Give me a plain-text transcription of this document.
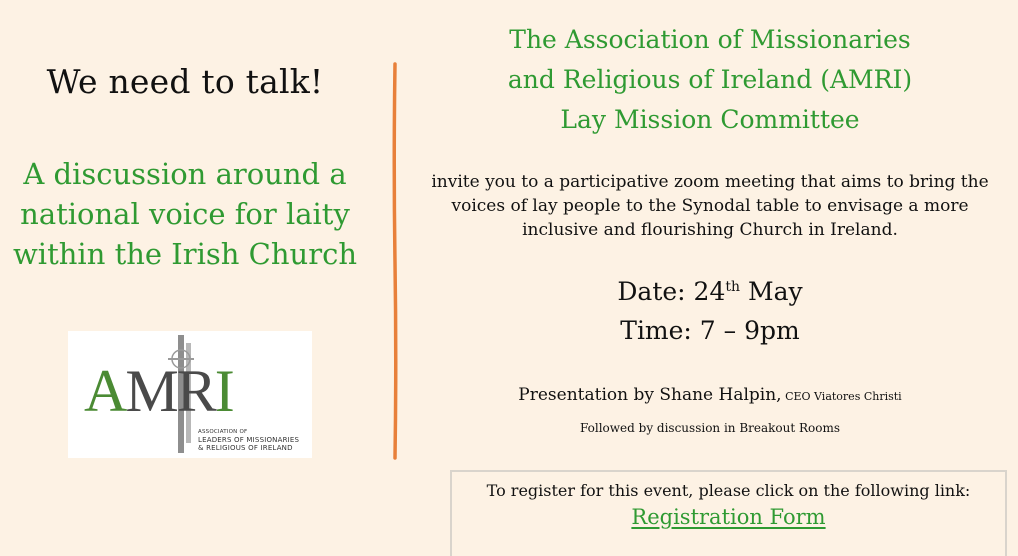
We need to talk!
A discussion around a
national voice for laity
within the Irish Church
AMRI
ASSOCIATION OF
LEADERS OF MISSIONARIES
& RELIGIOUS OF IRELAND
The Association of Missionaries
and Religious of Ireland (AMRI)
Lay Mission Committee
invite you to a participative zoom meeting that aims to bring the
voices of lay people to the Synodal table to envisage a more
inclusive and flourishing Church in Ireland.
Date: 24th May
Time: 7 – 9pm
Presentation by Shane Halpin, CEO Viatores Christi
Followed by discussion in Breakout Rooms
To register for this event, please click on the following link:
Registration Form
